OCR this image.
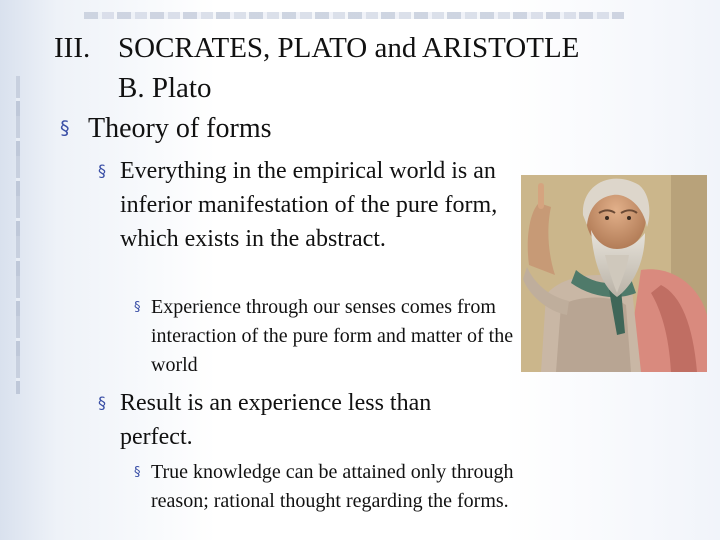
III. SOCRATES, PLATO and ARISTOTLE
B. Plato
§ Theory of forms
§ Everything in the empirical world is an inferior manifestation of the pure form, which exists in the abstract.
§ Experience through our senses comes from interaction of the pure form and matter of the world
§ Result is an experience less than perfect.
§ True knowledge can be attained only through reason; rational thought regarding the forms.
